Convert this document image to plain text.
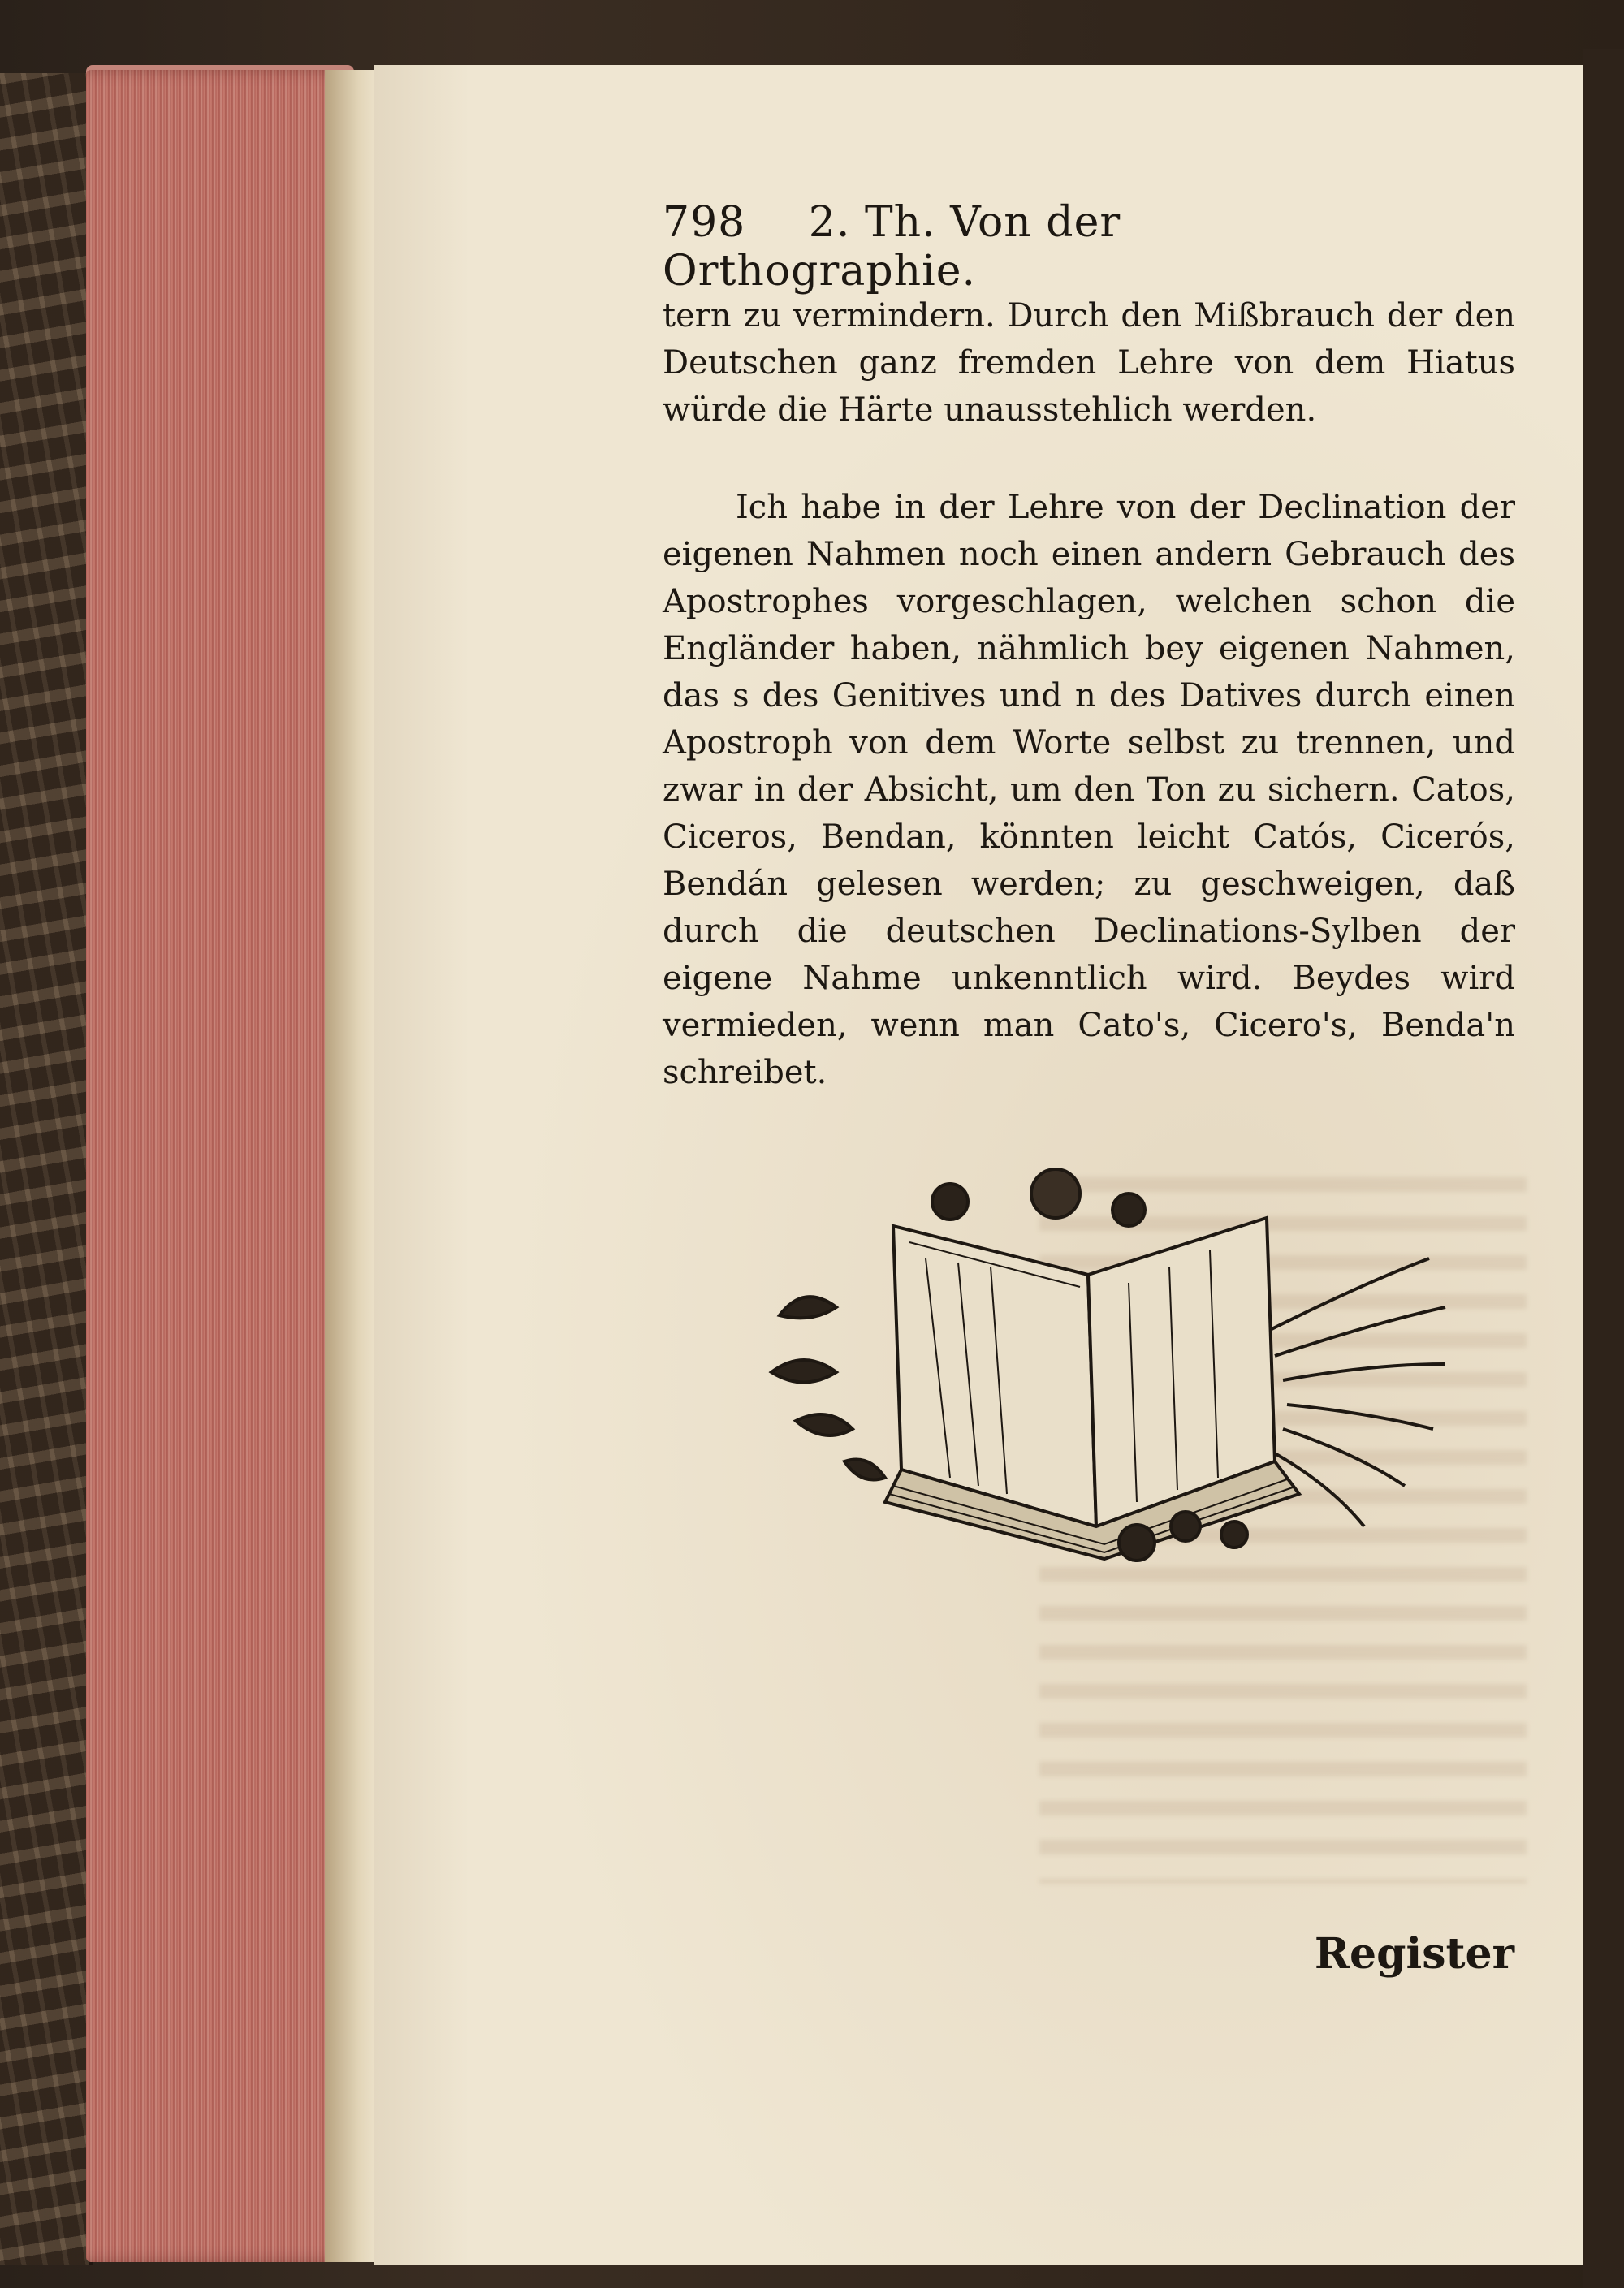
798 2. Th. Von der Orthographie.
tern zu vermindern. Durch den Mißbrauch der den Deutschen ganz fremden Lehre von dem Hiatus würde die Härte unausstehlich werden.
Ich habe in der Lehre von der Declination der eigenen Nahmen noch einen andern Gebrauch des Apostrophes vorgeschlagen, welchen schon die Engländer haben, nähmlich bey eigenen Nahmen, das s des Genitives und n des Datives durch einen Apostroph von dem Worte selbst zu trennen, und zwar in der Absicht, um den Ton zu sichern. Catos, Ciceros, Bendan, könnten leicht Catós, Cicerós, Bendán gelesen werden; zu geschweigen, daß durch die deutschen Declinations-Sylben der eigene Nahme unkenntlich wird. Beydes wird vermieden, wenn man Cato's, Cicero's, Benda'n schreibet.
Register
